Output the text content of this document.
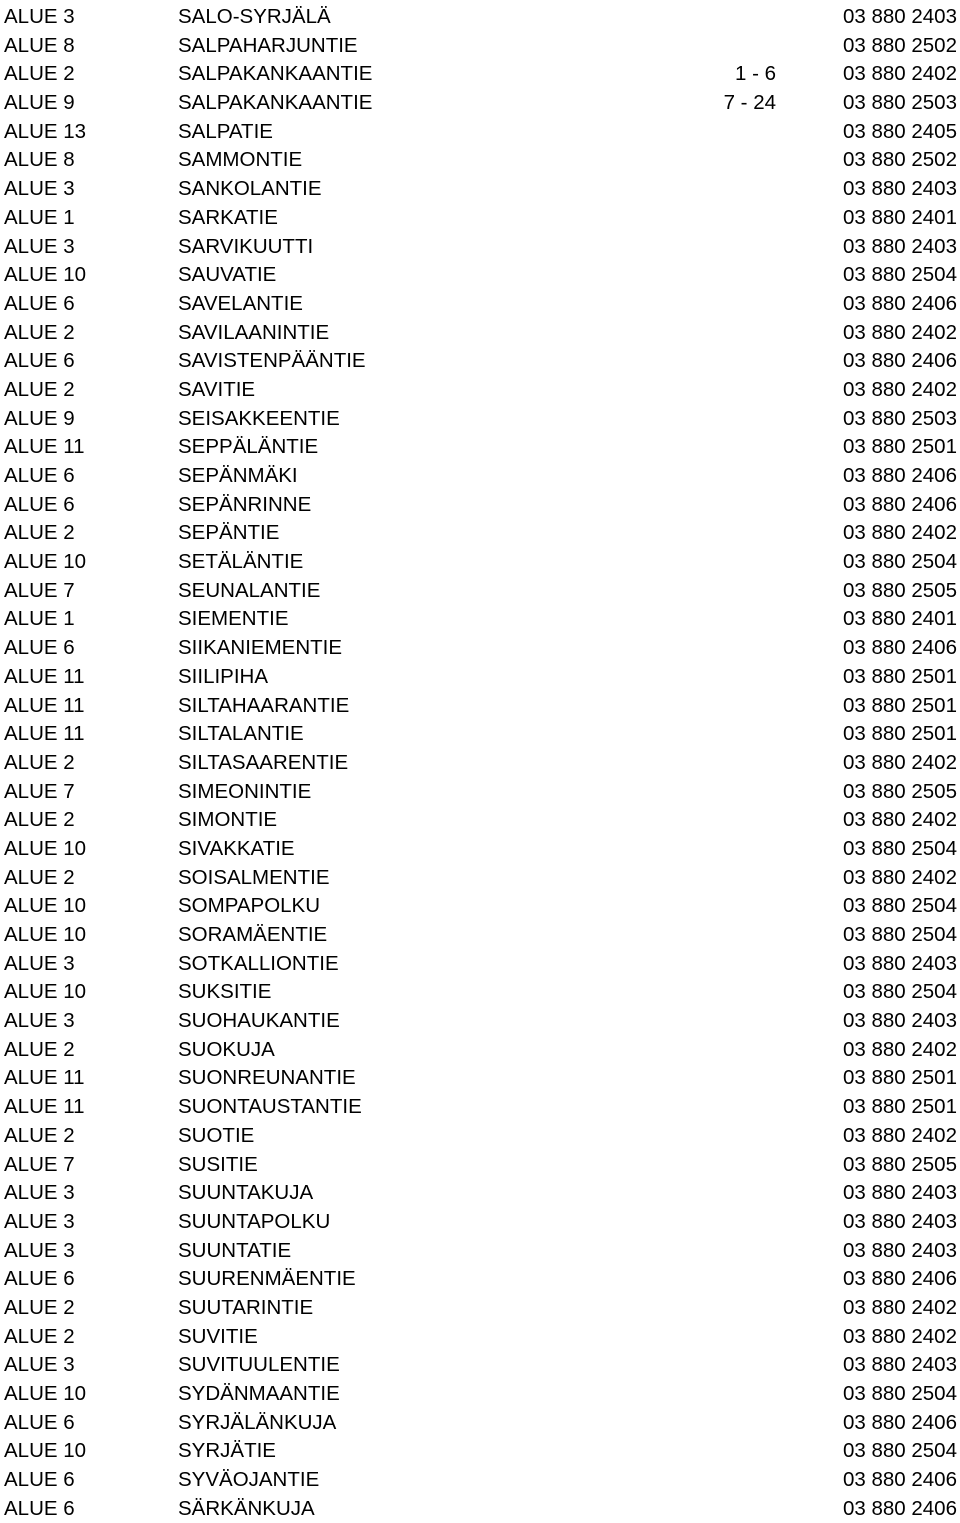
ALUE 3	SALO-SYRJÄLÄ	03 880 2403
ALUE 8	SALPAHARJUNTIE	03 880 2502
ALUE 2	SALPAKANKAANTIE	1 - 6	03 880 2402
ALUE 9	SALPAKANKAANTIE	7 - 24	03 880 2503
ALUE 13	SALPATIE	03 880 2405
ALUE 8	SAMMONTIE	03 880 2502
ALUE 3	SANKOLANTIE	03 880 2403
ALUE 1	SARKATIE	03 880 2401
ALUE 3	SARVIKUUTTI	03 880 2403
ALUE 10	SAUVATIE	03 880 2504
ALUE 6	SAVELANTIE	03 880 2406
ALUE 2	SAVILAANINTIE	03 880 2402
ALUE 6	SAVISTENPÄÄNTIE	03 880 2406
ALUE 2	SAVITIE	03 880 2402
ALUE 9	SEISAKKEENTIE	03 880 2503
ALUE 11	SEPPÄLÄNTIE	03 880 2501
ALUE 6	SEPÄNMÄKI	03 880 2406
ALUE 6	SEPÄNRINNE	03 880 2406
ALUE 2	SEPÄNTIE	03 880 2402
ALUE 10	SETÄLÄNTIE	03 880 2504
ALUE 7	SEUNALANTIE	03 880 2505
ALUE 1	SIEMENTIE	03 880 2401
ALUE 6	SIIKANIEMENTIE	03 880 2406
ALUE 11	SIILIPIHA	03 880 2501
ALUE 11	SILTAHAARANTIE	03 880 2501
ALUE 11	SILTALANTIE	03 880 2501
ALUE 2	SILTASAARENTIE	03 880 2402
ALUE 7	SIMEONINTIE	03 880 2505
ALUE 2	SIMONTIE	03 880 2402
ALUE 10	SIVAKKATIE	03 880 2504
ALUE 2	SOISALMENTIE	03 880 2402
ALUE 10	SOMPAPOLKU	03 880 2504
ALUE 10	SORAMÄENTIE	03 880 2504
ALUE 3	SOTKALLIONTIE	03 880 2403
ALUE 10	SUKSITIE	03 880 2504
ALUE 3	SUOHAUKANTIE	03 880 2403
ALUE 2	SUOKUJA	03 880 2402
ALUE 11	SUONREUNANTIE	03 880 2501
ALUE 11	SUONTAUSTANTIE	03 880 2501
ALUE 2	SUOTIE	03 880 2402
ALUE 7	SUSITIE	03 880 2505
ALUE 3	SUUNTAKUJA	03 880 2403
ALUE 3	SUUNTAPOLKU	03 880 2403
ALUE 3	SUUNTATIE	03 880 2403
ALUE 6	SUURENMÄENTIE	03 880 2406
ALUE 2	SUUTARINTIE	03 880 2402
ALUE 2	SUVITIE	03 880 2402
ALUE 3	SUVITUULENTIE	03 880 2403
ALUE 10	SYDÄNMAANTIE	03 880 2504
ALUE 6	SYRJÄLÄNKUJA	03 880 2406
ALUE 10	SYRJÄTIE	03 880 2504
ALUE 6	SYVÄOJANTIE	03 880 2406
ALUE 6	SÄRKÄNKUJA	03 880 2406
